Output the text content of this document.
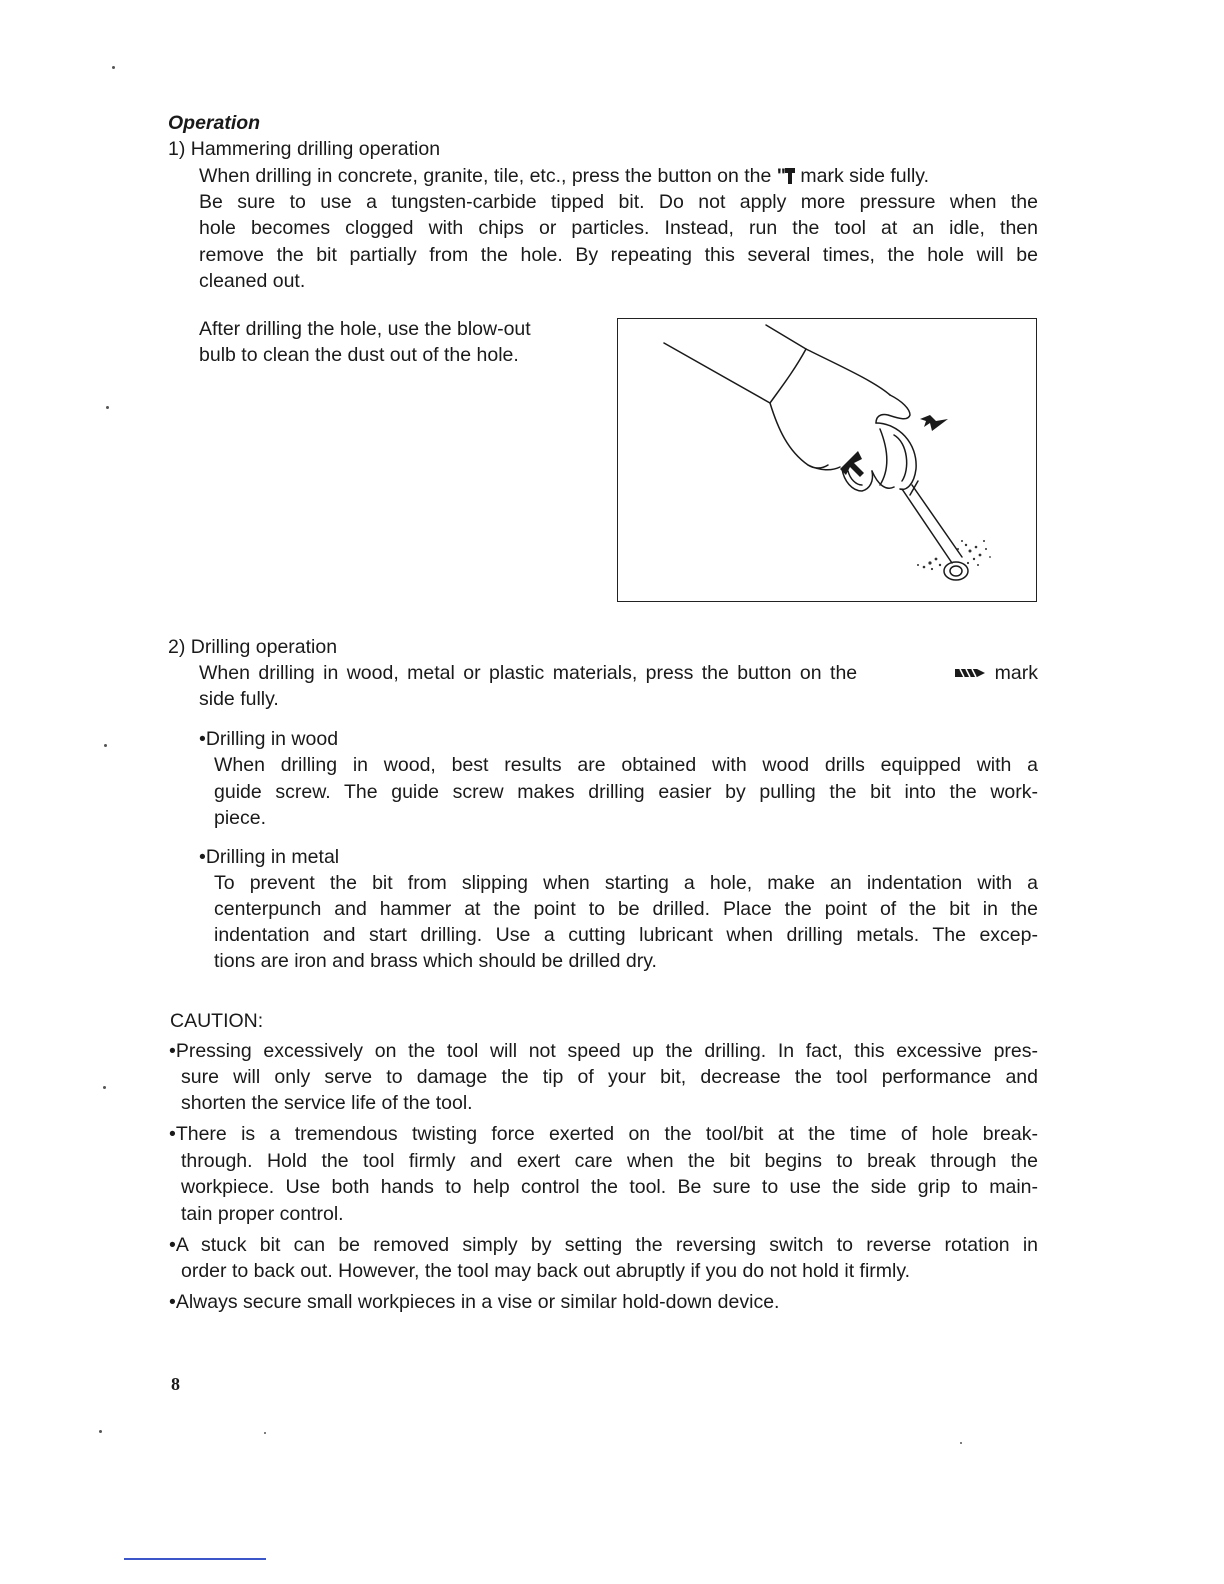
Operation
1) Hammering drilling operation
When drilling in concrete, granite, tile, etc., press the button on the " mark side fully.
Be sure to use a tungsten-carbide tipped bit. Do not apply more pressure when the
hole becomes clogged with chips or particles. Instead, run the tool at an idle, then
remove the bit partially from the hole. By repeating this several times, the hole will be
cleaned out.
After drilling the hole, use the blow-out
bulb to clean the dust out of the hole.
2) Drilling operation
When drilling in wood, metal or plastic materials, press the button on the	mark
side fully.
•Drilling in wood
When drilling in wood, best results are obtained with wood drills equipped with a
guide screw. The guide screw makes drilling easier by pulling the bit into the work-
piece.
•Drilling in metal
To prevent the bit from slipping when starting a hole, make an indentation with a
centerpunch and hammer at the point to be drilled. Place the point of the bit in the
indentation and start drilling. Use a cutting lubricant when drilling metals. The excep-
tions are iron and brass which should be drilled dry.
CAUTION:
•Pressing excessively on the tool will not speed up the drilling. In fact, this excessive pres-
sure will only serve to damage the tip of your bit, decrease the tool performance and
shorten the service life of the tool.
•There is a tremendous twisting force exerted on the tool/bit at the time of hole break-
through. Hold the tool firmly and exert care when the bit begins to break through the
workpiece. Use both hands to help control the tool. Be sure to use the side grip to main-
tain proper control.
•A stuck bit can be removed simply by setting the reversing switch to reverse rotation in
order to back out. However, the tool may back out abruptly if you do not hold it firmly.
•Always secure small workpieces in a vise or similar hold-down device.
8
